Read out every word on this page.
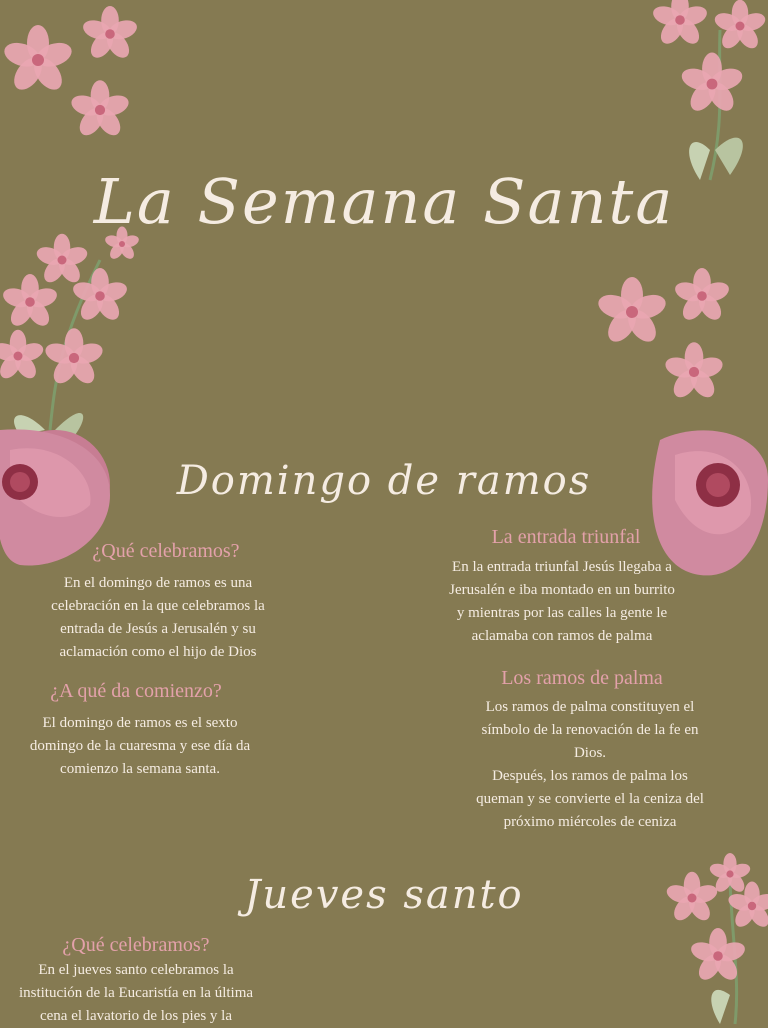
La Semana Santa
Domingo de ramos
¿Qué celebramos?

En el domingo de ramos es una

celebración en la que celebramos la

entrada de Jesús a Jerusalén y su

aclamación como el hijo de Dios

¿A qué da comienzo?

El domingo de ramos es el sexto

domingo de la cuaresma y ese día da

comienzo la semana santa.

La entrada triunfal

En la entrada triunfal Jesús llegaba a

Jerusalén e iba montado en un burrito

y mientras por las calles la gente le

aclamaba con ramos de palma

Los ramos de palma

Los ramos de palma constituyen el

símbolo de la renovación de la fe en

Dios.

Después, los ramos de palma los

queman y se convierte el la ceniza del

próximo miércoles de ceniza

Jueves santo
¿Qué celebramos?

En el jueves santo celebramos la

institución de la Eucaristía en la última

cena el lavatorio de los pies y la
